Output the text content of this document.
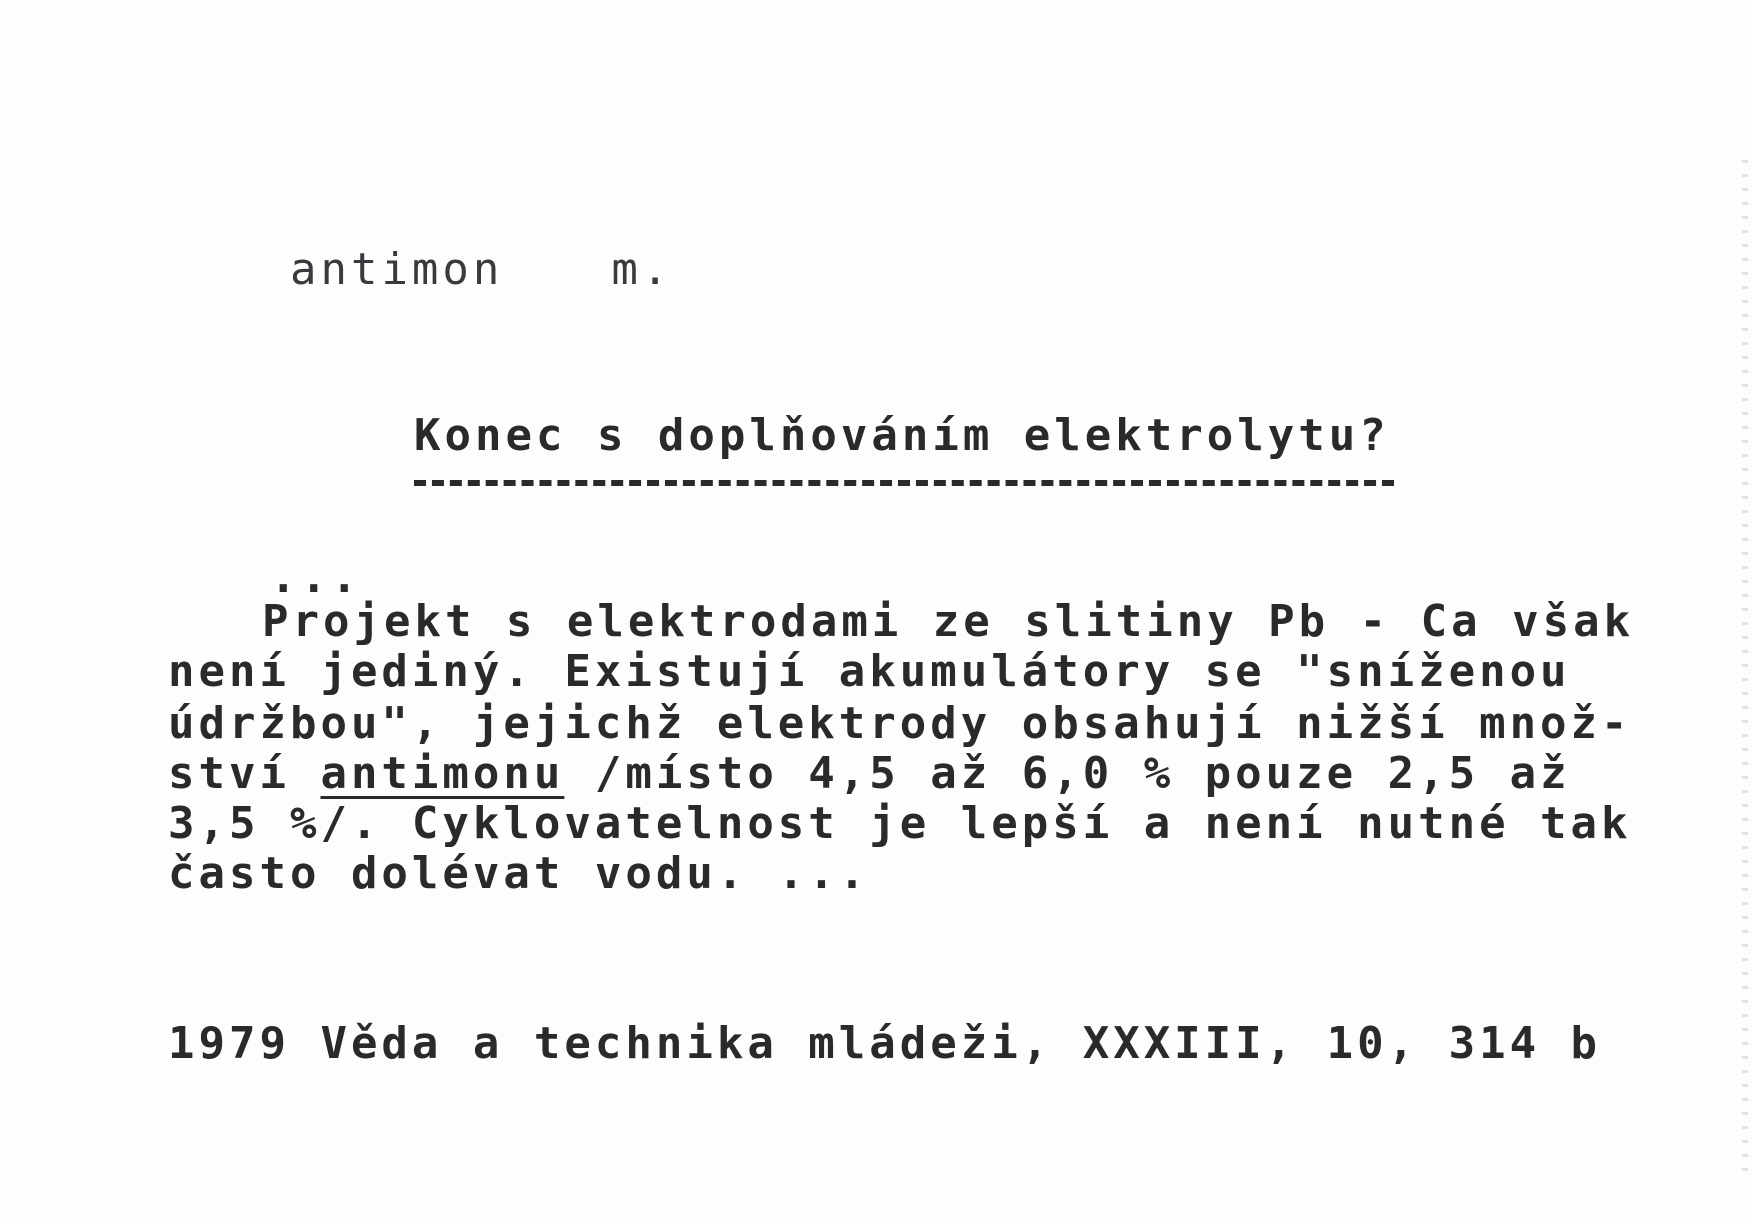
antimon m.

Konec s doplňováním elektrolytu?
...
Projekt s elektrodami ze slitiny Pb - Ca však
není jediný. Existují akumulátory se "sníženou
údržbou", jejichž elektrody obsahují nižší množ-
ství antimonu /místo 4,5 až 6,0 % pouze 2,5 až
3,5 %/. Cyklovatelnost je lepší a není nutné tak
často dolévat vodu. ...
1979 Věda a technika mládeži, XXXIII, 10, 314 b
